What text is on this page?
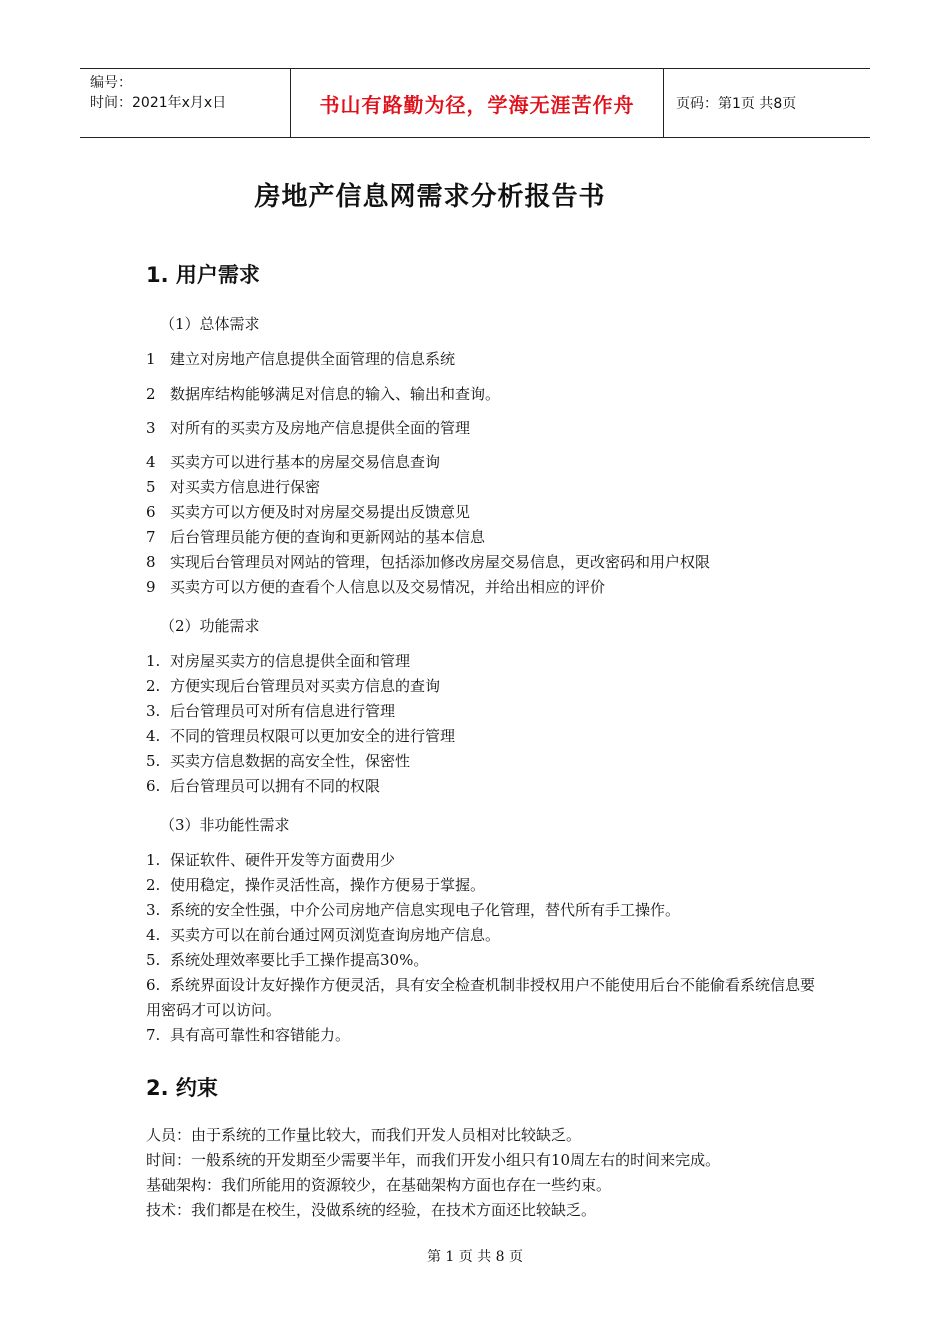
编号：
时间：2021年x月x日	书山有路勤为径，学海无涯苦作舟	页码：第1页 共8页
房地产信息网需求分析报告书
1. 用户需求
（1）总体需求
1 建立对房地产信息提供全面管理的信息系统
2 数据库结构能够满足对信息的输入、输出和查询。
3 对所有的买卖方及房地产信息提供全面的管理
4 买卖方可以进行基本的房屋交易信息查询
5 对买卖方信息进行保密
6 买卖方可以方便及时对房屋交易提出反馈意见
7 后台管理员能方便的查询和更新网站的基本信息
8 实现后台管理员对网站的管理，包括添加修改房屋交易信息，更改密码和用户权限
9 买卖方可以方便的查看个人信息以及交易情况，并给出相应的评价
（2）功能需求
1. 对房屋买卖方的信息提供全面和管理
2. 方便实现后台管理员对买卖方信息的查询
3. 后台管理员可对所有信息进行管理
4. 不同的管理员权限可以更加安全的进行管理
5. 买卖方信息数据的高安全性，保密性
6. 后台管理员可以拥有不同的权限
（3）非功能性需求
1. 保证软件、硬件开发等方面费用少
2. 使用稳定，操作灵活性高，操作方便易于掌握。
3. 系统的安全性强，中介公司房地产信息实现电子化管理，替代所有手工操作。
4. 买卖方可以在前台通过网页浏览查询房地产信息。
5. 系统处理效率要比手工操作提高30%。
6. 系统界面设计友好操作方便灵活，具有安全检查机制非授权用户不能使用后台不能偷看系统信息要用密码才可以访问。
7. 具有高可靠性和容错能力。
2. 约束
人员：由于系统的工作量比较大，而我们开发人员相对比较缺乏。
时间：一般系统的开发期至少需要半年，而我们开发小组只有10周左右的时间来完成。
基础架构：我们所能用的资源较少，在基础架构方面也存在一些约束。
技术：我们都是在校生，没做系统的经验，在技术方面还比较缺乏。
第 1 页 共 8 页
